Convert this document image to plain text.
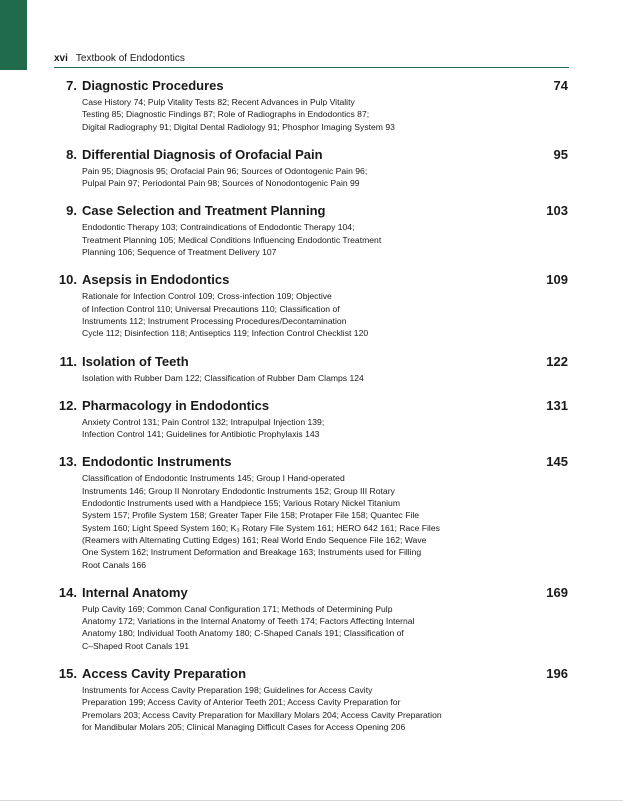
xvi Textbook of Endodontics
7. Diagnostic Procedures	74
Case History 74; Pulp Vitality Tests 82; Recent Advances in Pulp Vitality
Testing 85; Diagnostic Findings 87; Role of Radiographs in Endodontics 87;
Digital Radiography 91; Digital Dental Radiology 91; Phosphor Imaging System 93
8. Differential Diagnosis of Orofacial Pain	95
Pain 95; Diagnosis 95; Orofacial Pain 96; Sources of Odontogenic Pain 96;
Pulpal Pain 97; Periodontal Pain 98; Sources of Nonodontogenic Pain 99
9. Case Selection and Treatment Planning	103
Endodontic Therapy 103; Contraindications of Endodontic Therapy 104;
Treatment Planning 105; Medical Conditions Influencing Endodontic Treatment
Planning 106; Sequence of Treatment Delivery 107
10. Asepsis in Endodontics	109
Rationale for Infection Control 109; Cross-infection 109; Objective
of Infection Control 110; Universal Precautions 110; Classification of
Instruments 112; Instrument Processing Procedures/Decontamination
Cycle 112; Disinfection 118; Antiseptics 119; Infection Control Checklist 120
11. Isolation of Teeth	122
Isolation with Rubber Dam 122; Classification of Rubber Dam Clamps 124
12. Pharmacology in Endodontics	131
Anxiety Control 131; Pain Control 132; Intrapulpal Injection 139;
Infection Control 141; Guidelines for Antibiotic Prophylaxis 143
13. Endodontic Instruments	145
Classification of Endodontic Instruments 145; Group I Hand-operated
Instruments 146; Group II Nonrotary Endodontic Instruments 152; Group III Rotary
Endodontic Instruments used with a Handpiece 155; Various Rotary Nickel Titanium
System 157; Profile System 158; Greater Taper File 158; Protaper File 158; Quantec File
System 160; Light Speed System 160; K₃ Rotary File System 161; HERO 642 161; Race Files
(Reamers with Alternating Cutting Edges) 161; Real World Endo Sequence File 162; Wave
One System 162; Instrument Deformation and Breakage 163; Instruments used for Filling
Root Canals 166
14. Internal Anatomy	169
Pulp Cavity 169; Common Canal Configuration 171; Methods of Determining Pulp
Anatomy 172; Variations in the Internal Anatomy of Teeth 174; Factors Affecting Internal
Anatomy 180; Individual Tooth Anatomy 180; C-Shaped Canals 191; Classification of
C–Shaped Root Canals 191
15. Access Cavity Preparation	196
Instruments for Access Cavity Preparation 198; Guidelines for Access Cavity
Preparation 199; Access Cavity of Anterior Teeth 201; Access Cavity Preparation for
Premolars 203; Access Cavity Preparation for Maxillary Molars 204; Access Cavity Preparation
for Mandibular Molars 205; Clinical Managing Difficult Cases for Access Opening 206
